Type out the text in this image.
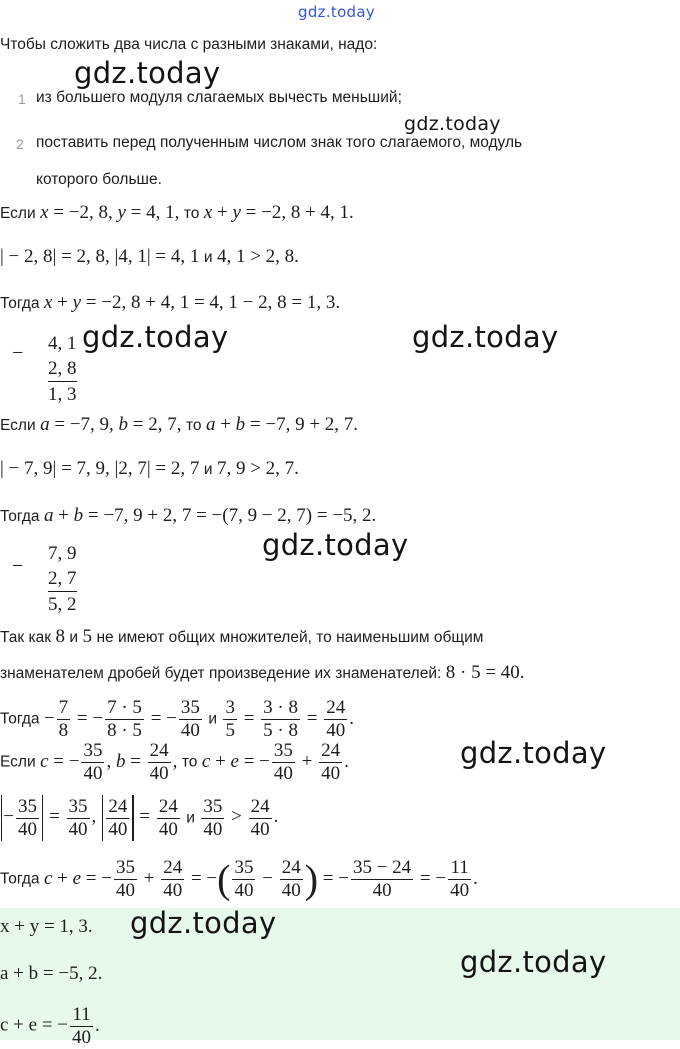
gdz.today
gdz.today
gdz.today
gdz.today	gdz.today
gdz.today
gdz.today
gdz.today
Чтобы сложить два числа с разными знаками, надо:
1 из большего модуля слагаемых вычесть меньший;
2 поставить перед полученным числом знак того слагаемого, модуль
которого больше.
Если x = −2, 8, y = 4, 1, то x + y = −2, 8 + 4, 1.
| − 2, 8| = 2, 8, |4, 1| = 4, 1 и 4, 1 > 2, 8.
Тогда x + y = −2, 8 + 4, 1 = 4, 1 − 2, 8 = 1, 3.
− 4, 1
2, 8
1, 3
Если a = −7, 9, b = 2, 7, то a + b = −7, 9 + 2, 7.
| − 7, 9| = 7, 9, |2, 7| = 2, 7 и 7, 9 > 2, 7.
Тогда a + b = −7, 9 + 2, 7 = −(7, 9 − 2, 7) = −5, 2.
−
7, 9
2, 7
5, 2
Так как 8 и 5 не имеют общих множителей, то наименьшим общим
знаменателем дробей будет произведение их знаменателей: 8 · 5 = 40.
Тогда − $\frac{7}{8}$ = − $\frac{7 \cdot 5}{8 \cdot 5}$ = − $\frac{35}{40}$ и $\frac{3}{5} = \frac{3 \cdot 8}{5 \cdot 8} = \frac{24}{40}$ .
Если c = − $\frac{35}{40}$ , $b = \frac{24}{40}$ , то c + e = − $\frac{35}{40} + \frac{24}{40}$ .
− $\frac{35}{40} = \frac{35}{40}$ , $\frac{24}{40} = \frac{24}{40}$ и $\frac{35}{40} > \frac{24}{40}$ .
Тогда c + e = − $\frac{35}{40} + \frac{24}{40}$ = −( $\frac{35}{40} - \frac{24}{40}$ ) = − $\frac{35 - 24}{40}$ = − $\frac{11}{40}$ .
x + y = 1, 3. gdz.today
a + b = −5, 2.
c + e = − $\frac{11}{40}$ .
